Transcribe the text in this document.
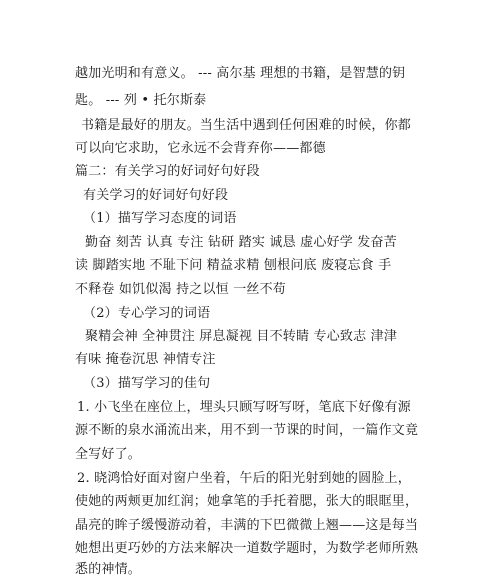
越加光明和有意义。 --- 高尔基 理想的书籍，是智慧的钥
匙。 --- 列 • 托尔斯泰
书籍是最好的朋友。当生活中遇到任何困难的时候，你都
可以向它求助，它永远不会背弃你——都德
篇二：有关学习的好词好句好段
有关学习的好词好句好段
（1）描写学习态度的词语
勤奋 刻苦 认真 专注 钻研 踏实 诚恳 虚心好学 发奋苦
读 脚踏实地 不耻下问 精益求精 刨根问底 废寝忘食 手
不释卷 如饥似渴 持之以恒 一丝不苟
（2）专心学习的词语
聚精会神 全神贯注 屏息凝视 目不转睛 专心致志 津津
有味 掩卷沉思 神情专注
（3）描写学习的佳句
1. 小飞坐在座位上，埋头只顾写呀写呀，笔底下好像有源
源不断的泉水涌流出来，用不到一节课的时间，一篇作文竟
全写好了。
2. 晓鸿恰好面对窗户坐着，午后的阳光射到她的圆脸上，
使她的两颊更加红润；她拿笔的手托着腮，张大的眼眶里，
晶亮的眸子缓慢游动着，丰满的下巴微微上翘——这是每当
她想出更巧妙的方法来解决一道数学题时，为数学老师所熟
悉的神情。
